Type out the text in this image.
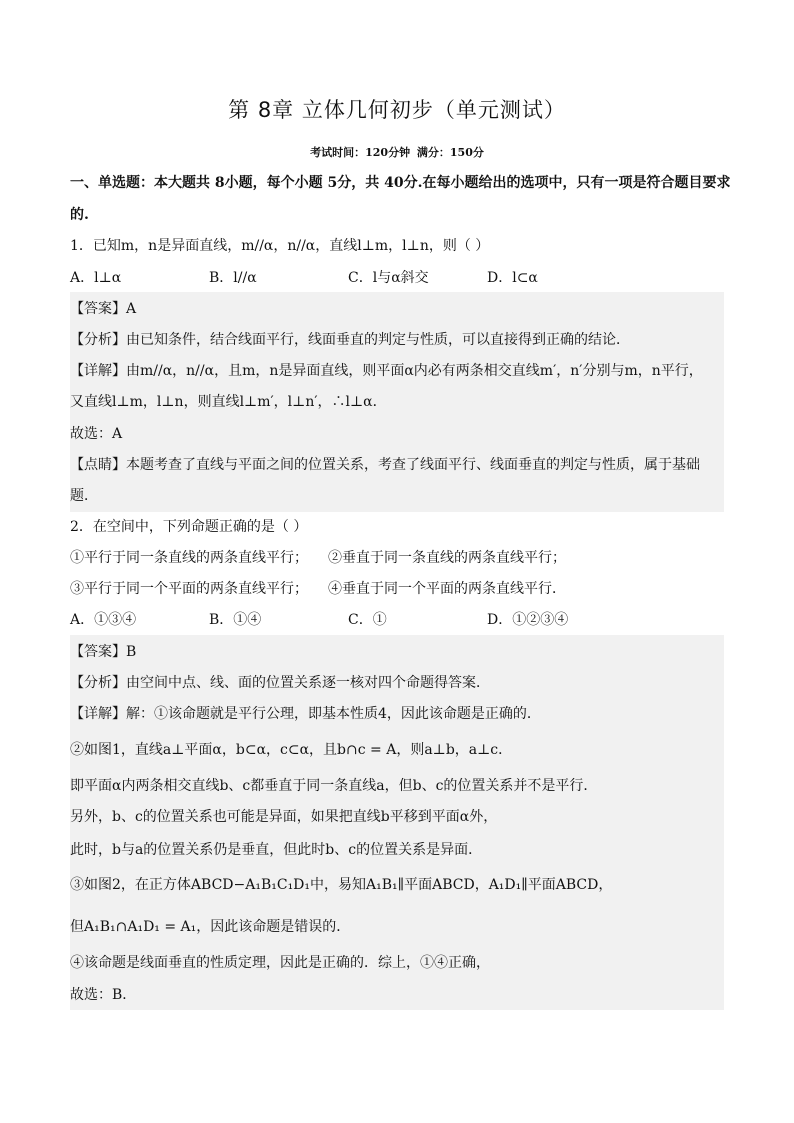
第 8章 立体几何初步（单元测试）
考试时间：120分钟 满分：150分
一、单选题：本大题共 8小题，每个小题 5分，共 40分.在每小题给出的选项中，只有一项是符合题目要求
的.
1．已知m，n是异面直线，m//α，n//α，直线l⊥m，l⊥n，则（ ）
A．l⊥α	B．l//α	C．l与α斜交	D．l⊂α
【答案】A
【分析】由已知条件，结合线面平行，线面垂直的判定与性质，可以直接得到正确的结论．
【详解】由m//α，n//α，且m，n是异面直线，则平面α内必有两条相交直线m′，n′分别与m，n平行，
又直线l⊥m，l⊥n，则直线l⊥m′，l⊥n′，∴l⊥α．
故选：A
【点睛】本题考查了直线与平面之间的位置关系，考查了线面平行、线面垂直的判定与性质，属于基础
题．
2．在空间中，下列命题正确的是（ ）
①平行于同一条直线的两条直线平行； ②垂直于同一条直线的两条直线平行；
③平行于同一个平面的两条直线平行； ④垂直于同一个平面的两条直线平行．
A．①③④	B．①④	C．①	D．①②③④
【答案】B
【分析】由空间中点、线、面的位置关系逐一核对四个命题得答案．
【详解】解：①该命题就是平行公理，即基本性质4，因此该命题是正确的．
②如图1，直线a⊥平面α，b⊂α，c⊂α，且b∩c = A，则a⊥b，a⊥c．
即平面α内两条相交直线b、c都垂直于同一条直线a，但b、c的位置关系并不是平行．
另外，b、c的位置关系也可能是异面，如果把直线b平移到平面α外，
此时，b与a的位置关系仍是垂直，但此时b、c的位置关系是异面．
③如图2，在正方体ABCD−A₁B₁C₁D₁中，易知A₁B₁∥平面ABCD，A₁D₁∥平面ABCD，
但A₁B₁∩A₁D₁ = A₁，因此该命题是错误的．
④该命题是线面垂直的性质定理，因此是正确的．综上，①④正确，
故选：B．
